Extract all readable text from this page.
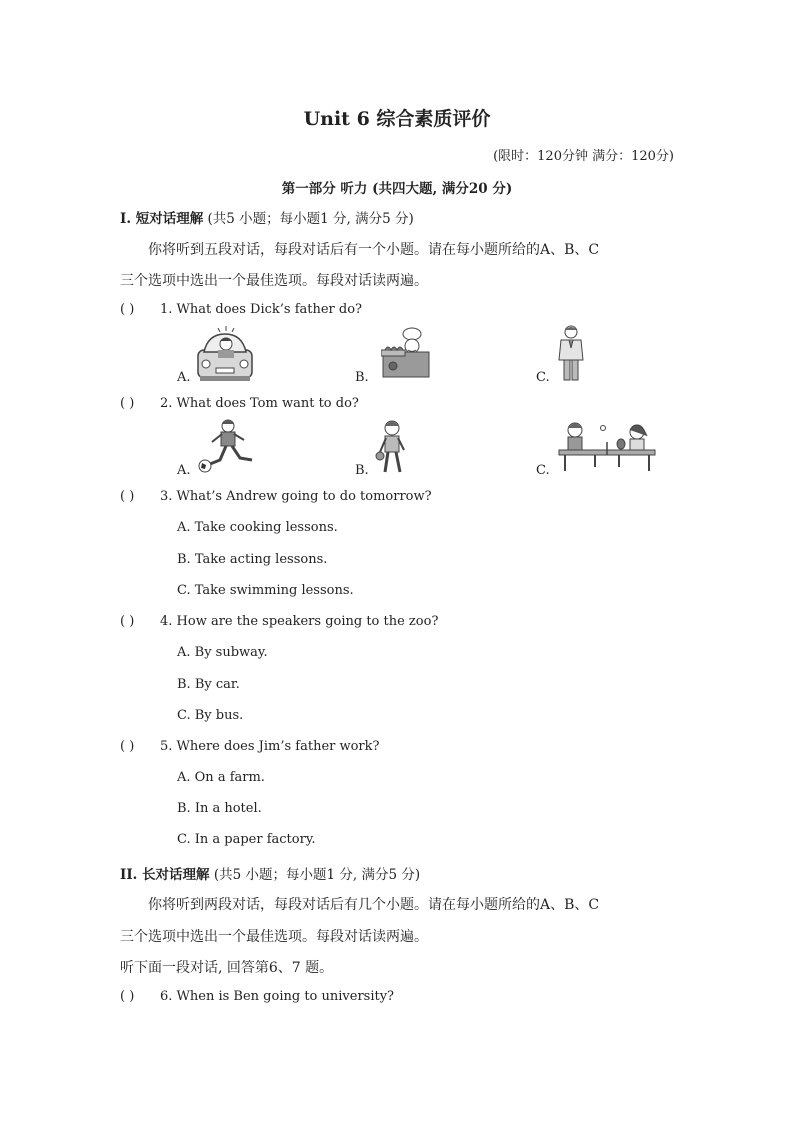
Unit 6 综合素质评价
(限时：120分钟 满分：120分)
第一部分 听力 (共四大题, 满分20 分)
I. 短对话理解 (共5 小题；每小题1 分, 满分5 分)
你将听到五段对话，每段对话后有一个小题。请在每小题所给的A、B、C
三个选项中选出一个最佳选项。每段对话读两遍。
( ) 1. What does Dick’s father do?
A.	B.	C.
( ) 2. What does Tom want to do?
A.	B.	C.
( ) 3. What’s Andrew going to do tomorrow?
A. Take cooking lessons.
B. Take acting lessons.
C. Take swimming lessons.
( ) 4. How are the speakers going to the zoo?
A. By subway.
B. By car.
C. By bus.
( ) 5. Where does Jim’s father work?
A. On a farm.
B. In a hotel.
C. In a paper factory.
II. 长对话理解 (共5 小题；每小题1 分, 满分5 分)
你将听到两段对话，每段对话后有几个小题。请在每小题所给的A、B、C
三个选项中选出一个最佳选项。每段对话读两遍。
听下面一段对话, 回答第6、7 题。
( ) 6. When is Ben going to university?
